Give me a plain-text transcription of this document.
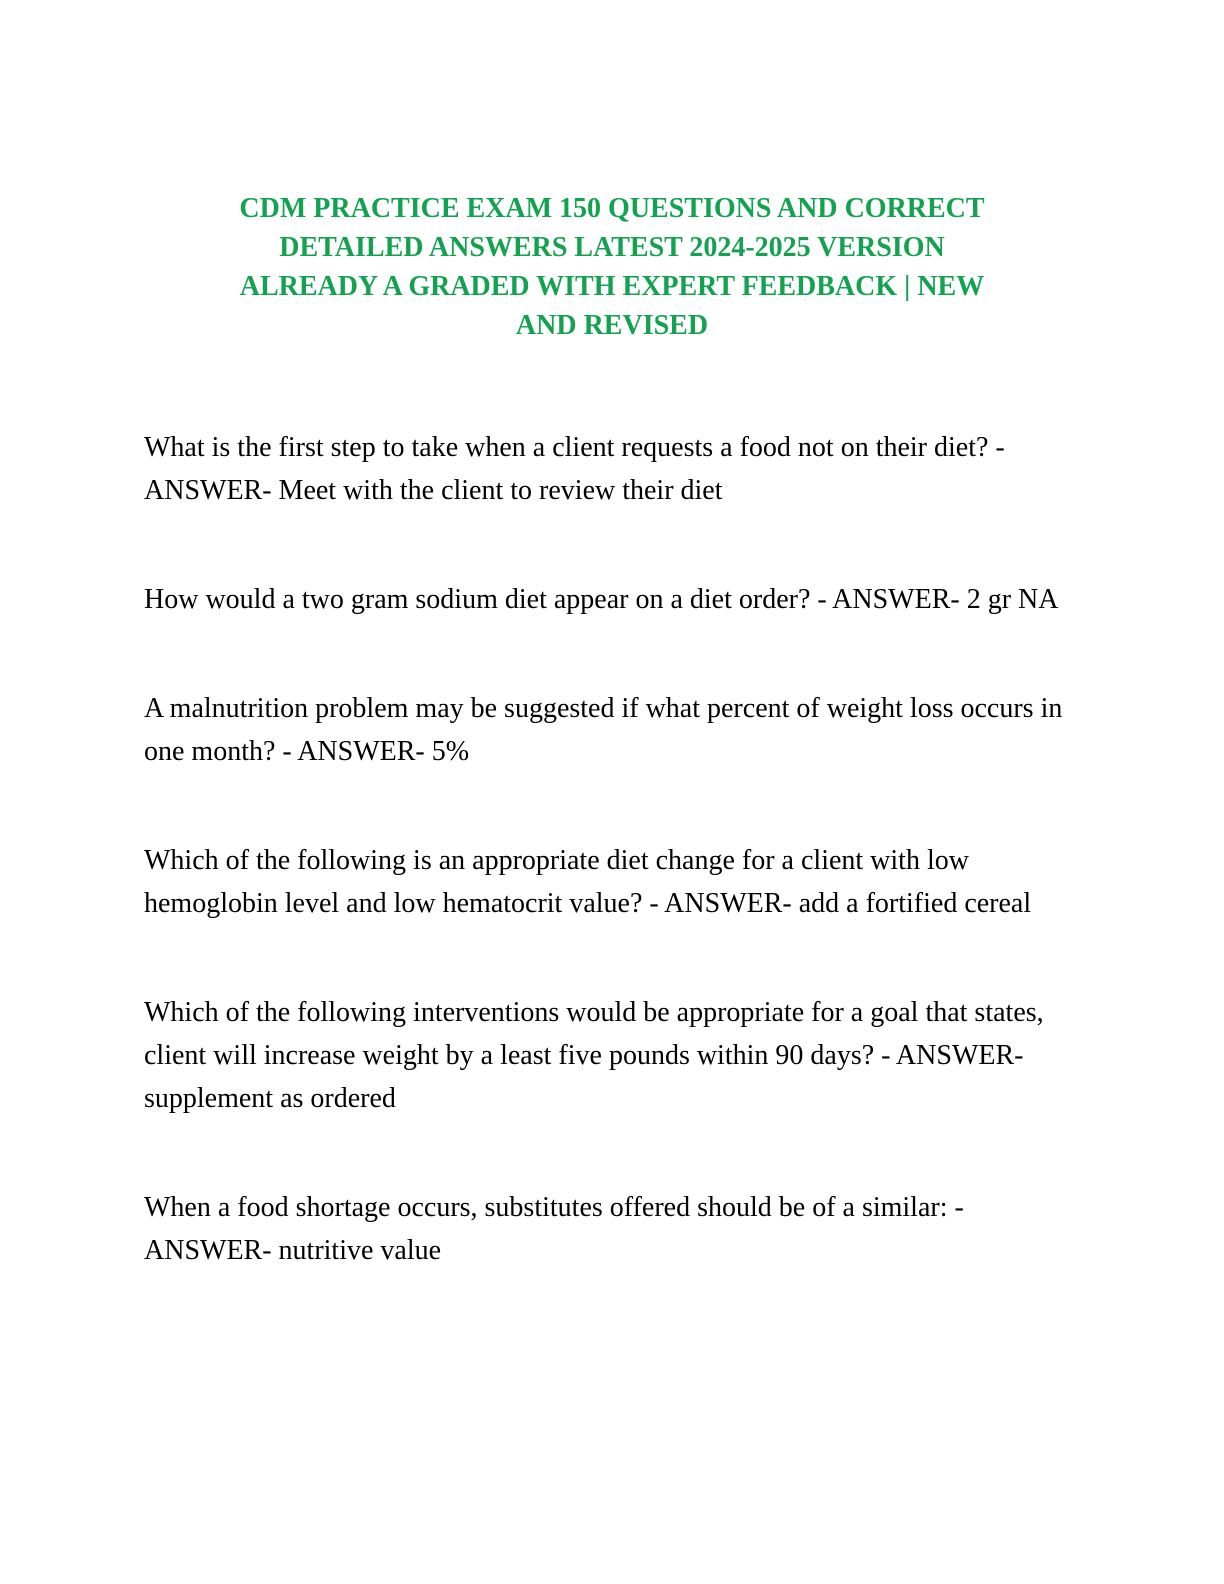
CDM PRACTICE EXAM 150 QUESTIONS AND CORRECT
DETAILED ANSWERS LATEST 2024-2025 VERSION
ALREADY A GRADED WITH EXPERT FEEDBACK | NEW
AND REVISED

What is the first step to take when a client requests a food not on their diet? - ANSWER- Meet with the client to review their diet

How would a two gram sodium diet appear on a diet order? - ANSWER- 2 gr NA

A malnutrition problem may be suggested if what percent of weight loss occurs in one month? - ANSWER- 5%

Which of the following is an appropriate diet change for a client with low hemoglobin level and low hematocrit value? - ANSWER- add a fortified cereal

Which of the following interventions would be appropriate for a goal that states, client will increase weight by a least five pounds within 90 days? - ANSWER- supplement as ordered

When a food shortage occurs, substitutes offered should be of a similar: - ANSWER- nutritive value
